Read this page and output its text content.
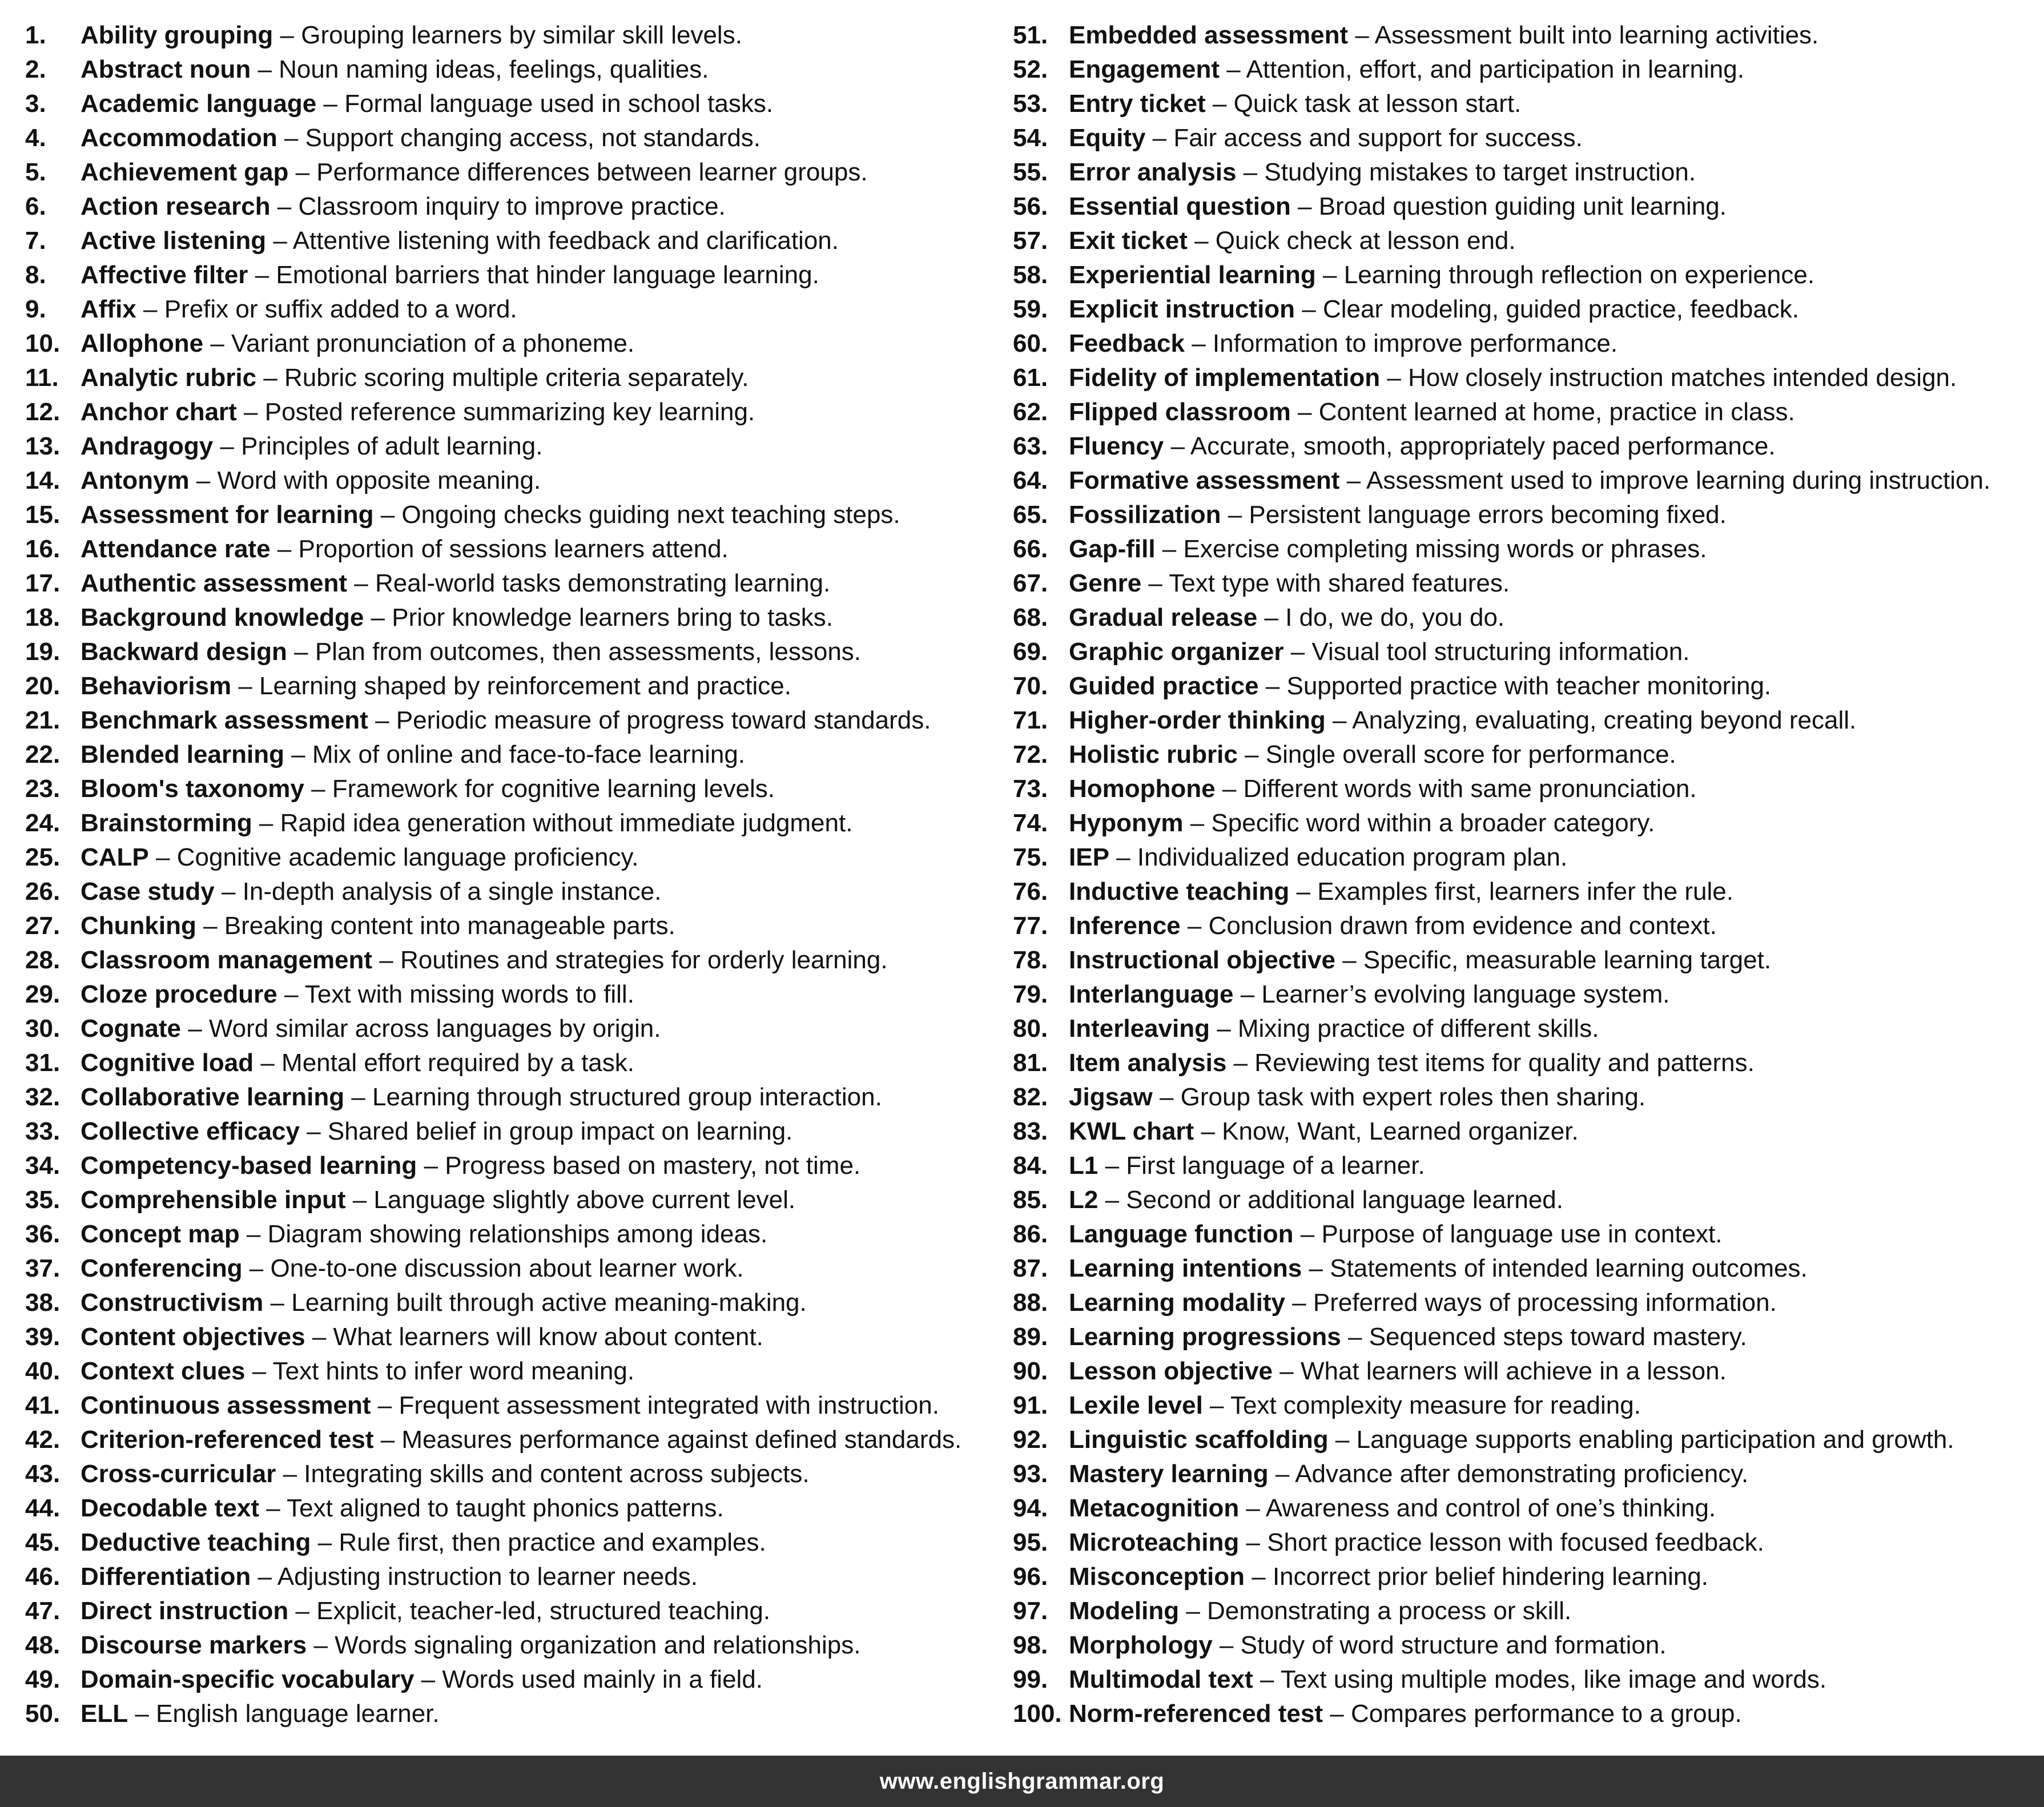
1.	Ability grouping – Grouping learners by similar skill levels.
2.	Abstract noun – Noun naming ideas, feelings, qualities.
3.	Academic language – Formal language used in school tasks.
4.	Accommodation – Support changing access, not standards.
5.	Achievement gap – Performance differences between learner groups.
6.	Action research – Classroom inquiry to improve practice.
7.	Active listening – Attentive listening with feedback and clarification.
8.	Affective filter – Emotional barriers that hinder language learning.
9.	Affix – Prefix or suffix added to a word.
10. Allophone – Variant pronunciation of a phoneme.
11. Analytic rubric – Rubric scoring multiple criteria separately.
12. Anchor chart – Posted reference summarizing key learning.
13. Andragogy – Principles of adult learning.
14. Antonym – Word with opposite meaning.
15. Assessment for learning – Ongoing checks guiding next teaching steps.
16. Attendance rate – Proportion of sessions learners attend.
17. Authentic assessment – Real-world tasks demonstrating learning.
18. Background knowledge – Prior knowledge learners bring to tasks.
19. Backward design – Plan from outcomes, then assessments, lessons.
20. Behaviorism – Learning shaped by reinforcement and practice.
21. Benchmark assessment – Periodic measure of progress toward standards.
22. Blended learning – Mix of online and face-to-face learning.
23. Bloom's taxonomy – Framework for cognitive learning levels.
24. Brainstorming – Rapid idea generation without immediate judgment.
25. CALP – Cognitive academic language proficiency.
26. Case study – In-depth analysis of a single instance.
27. Chunking – Breaking content into manageable parts.
28. Classroom management – Routines and strategies for orderly learning.
29. Cloze procedure – Text with missing words to fill.
30. Cognate – Word similar across languages by origin.
31. Cognitive load – Mental effort required by a task.
32. Collaborative learning – Learning through structured group interaction.
33. Collective efficacy – Shared belief in group impact on learning.
34. Competency-based learning – Progress based on mastery, not time.
35. Comprehensible input – Language slightly above current level.
36. Concept map – Diagram showing relationships among ideas.
37. Conferencing – One-to-one discussion about learner work.
38. Constructivism – Learning built through active meaning-making.
39. Content objectives – What learners will know about content.
40. Context clues – Text hints to infer word meaning.
41. Continuous assessment – Frequent assessment integrated with instruction.
42. Criterion-referenced test – Measures performance against defined standards.
43. Cross-curricular – Integrating skills and content across subjects.
44. Decodable text – Text aligned to taught phonics patterns.
45. Deductive teaching – Rule first, then practice and examples.
46. Differentiation – Adjusting instruction to learner needs.
47. Direct instruction – Explicit, teacher-led, structured teaching.
48. Discourse markers – Words signaling organization and relationships.
49. Domain-specific vocabulary – Words used mainly in a field.
50. ELL – English language learner.
51. Embedded assessment – Assessment built into learning activities.
52. Engagement – Attention, effort, and participation in learning.
53. Entry ticket – Quick task at lesson start.
54. Equity – Fair access and support for success.
55. Error analysis – Studying mistakes to target instruction.
56. Essential question – Broad question guiding unit learning.
57. Exit ticket – Quick check at lesson end.
58. Experiential learning – Learning through reflection on experience.
59. Explicit instruction – Clear modeling, guided practice, feedback.
60. Feedback – Information to improve performance.
61. Fidelity of implementation – How closely instruction matches intended design.
62. Flipped classroom – Content learned at home, practice in class.
63. Fluency – Accurate, smooth, appropriately paced performance.
64. Formative assessment – Assessment used to improve learning during instruction.
65. Fossilization – Persistent language errors becoming fixed.
66. Gap-fill – Exercise completing missing words or phrases.
67. Genre – Text type with shared features.
68. Gradual release – I do, we do, you do.
69. Graphic organizer – Visual tool structuring information.
70. Guided practice – Supported practice with teacher monitoring.
71. Higher-order thinking – Analyzing, evaluating, creating beyond recall.
72. Holistic rubric – Single overall score for performance.
73. Homophone – Different words with same pronunciation.
74. Hyponym – Specific word within a broader category.
75. IEP – Individualized education program plan.
76. Inductive teaching – Examples first, learners infer the rule.
77. Inference – Conclusion drawn from evidence and context.
78. Instructional objective – Specific, measurable learning target.
79. Interlanguage – Learner’s evolving language system.
80. Interleaving – Mixing practice of different skills.
81. Item analysis – Reviewing test items for quality and patterns.
82. Jigsaw – Group task with expert roles then sharing.
83. KWL chart – Know, Want, Learned organizer.
84. L1 – First language of a learner.
85. L2 – Second or additional language learned.
86. Language function – Purpose of language use in context.
87. Learning intentions – Statements of intended learning outcomes.
88. Learning modality – Preferred ways of processing information.
89. Learning progressions – Sequenced steps toward mastery.
90. Lesson objective – What learners will achieve in a lesson.
91. Lexile level – Text complexity measure for reading.
92. Linguistic scaffolding – Language supports enabling participation and growth.
93. Mastery learning – Advance after demonstrating proficiency.
94. Metacognition – Awareness and control of one’s thinking.
95. Microteaching – Short practice lesson with focused feedback.
96. Misconception – Incorrect prior belief hindering learning.
97. Modeling – Demonstrating a process or skill.
98. Morphology – Study of word structure and formation.
99. Multimodal text – Text using multiple modes, like image and words.
100. Norm-referenced test – Compares performance to a group.
www.englishgrammar.org
